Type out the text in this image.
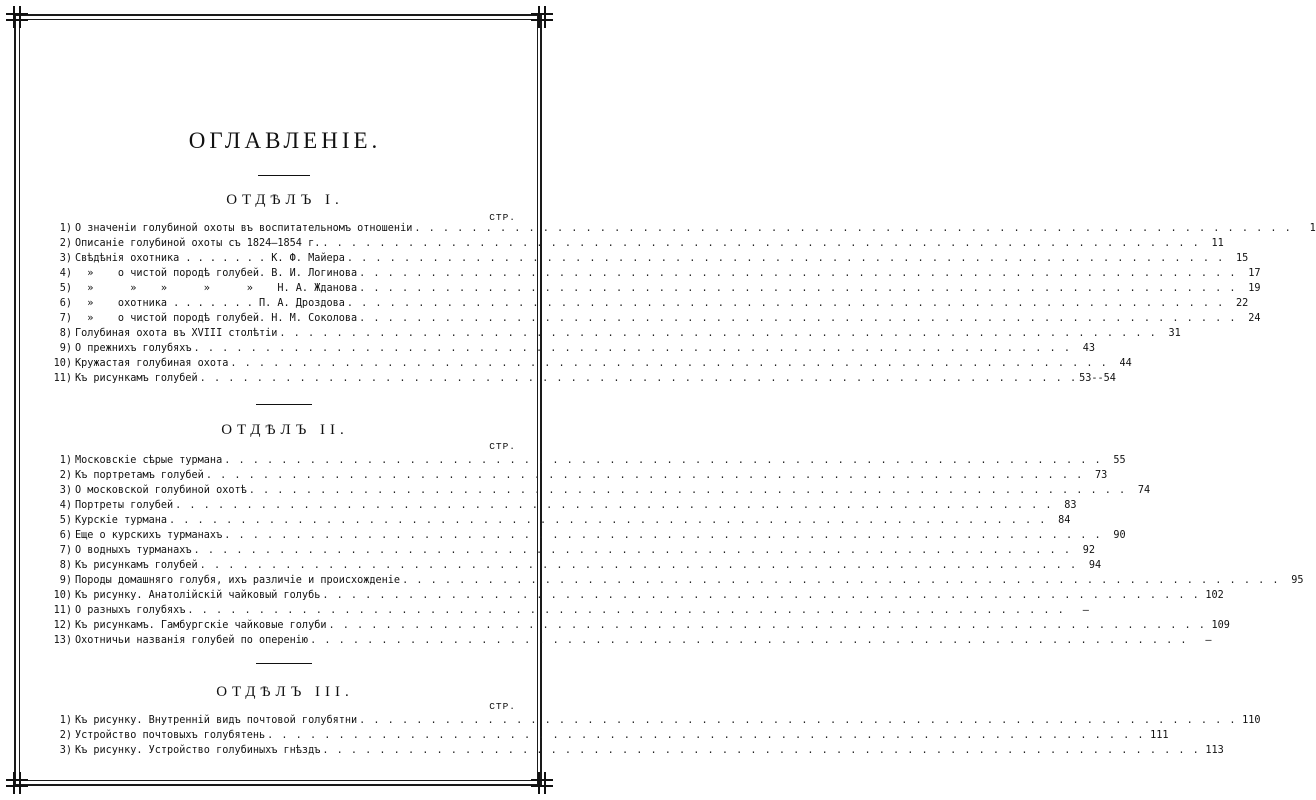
ОГЛАВЛЕНІЕ.
ОТДѢЛЪ I.
СТР.
1) О значеніи голубиной охоты въ воспитательномъ отношеніи . . .	1
2) Описаніе голубиной охоты съ 1824—1854 г. . . .	11
3) Свѣдѣнія охотника . . . . . . . К. Ф. Майера . . .	15
4) »    о чистой породѣ голубей. В. И. Логинова . . .	17
5) »      »    »      »      »    Н. А. Жданова . . .	19
6) »    охотника . . . . . . . П. А. Дроздова . . .	22
7) »    о чистой породѣ голубей. Н. М. Соколова . . .	24
8) Голубиная охота въ XVIII столѣтіи . . .	31
9) О прежнихъ голубяхъ . . .	43
10) Кружастая голубиная охота . . .	44
11) Къ рисункамъ голубей . . .	53--54
ОТДѢЛЪ II.
СТР.
1) Московскіе сѣрые турмана . . .	55
2) Къ портретамъ голубей . . .	73
3) О московской голубиной охотѣ . . .	74
4) Портреты голубей . . .	83
5) Курскіе турмана . . .	84
6) Еще о курскихъ турманахъ . . .	90
7) О водныхъ турманахъ . . .	92
8) Къ рисункамъ голубей . . .	94
9) Породы домашняго голубя, ихъ различіе и происхожденіе . . .	95
10) Къ рисунку. Анатолійскій чайковый голубь . . .	102
11) О разныхъ голубяхъ . . .	—
12) Къ рисункамъ. Гамбургскіе чайковые голуби . . .	109
13) Охотничьи названія голубей по оперенію . . .	—
ОТДѢЛЪ III.
СТР.
1) Къ рисунку. Внутренній видъ почтовой голубятни . . .	110
2) Устройство почтовыхъ голубятень . . .	111
3) Къ рисунку. Устройство голубиныхъ гнѣздъ . . .	113
